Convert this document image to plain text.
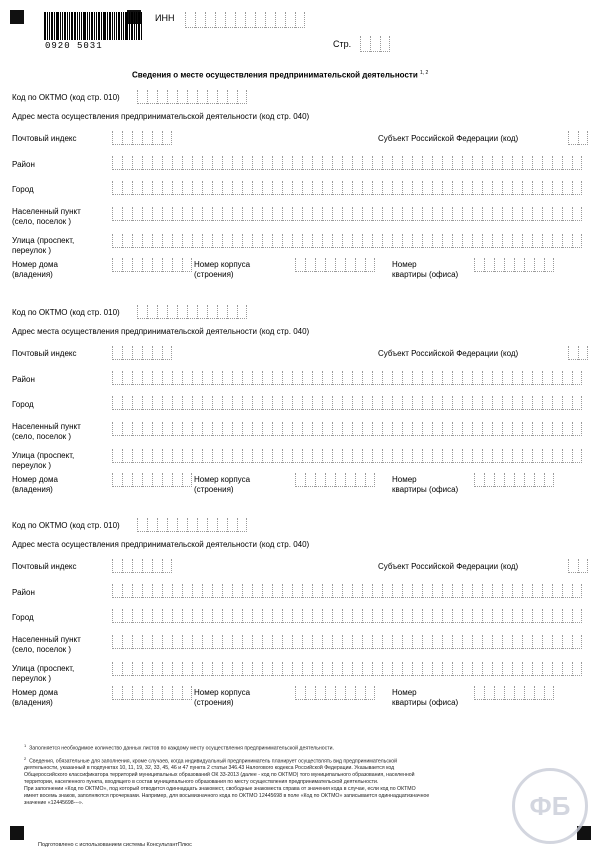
0920 5031
ИНН
Стр.
Сведения о месте осуществления предпринимательской деятельности $^{1, 2}$
Код по ОКТМО (код стр. 010)
Адрес места осуществления предпринимательской деятельности (код стр. 040)
Почтовый индекс	Субъект Российской Федерации (код)
Район
Город
Населенный пункт
(село, поселок )
Улица (проспект,
переулок )
Номер дома
(владения)
Номер корпуса
(строения)
Номер
квартиры (офиса)
Код по ОКТМО (код стр. 010)
Адрес места осуществления предпринимательской деятельности (код стр. 040)
Почтовый индекс	Субъект Российской Федерации (код)
Район
Город
Населенный пункт
(село, поселок )
Улица (проспект,
переулок )
Номер дома
(владения)
Номер корпуса
(строения)
Номер
квартиры (офиса)
Код по ОКТМО (код стр. 010)
Адрес места осуществления предпринимательской деятельности (код стр. 040)
Почтовый индекс	Субъект Российской Федерации (код)
Район
Город
Населенный пункт
(село, поселок )
Улица (проспект,
переулок )
Номер дома
(владения)
Номер корпуса
(строения)
Номер
квартиры (офиса)
$^1$  Заполняется необходимое количество данных листов по каждому месту осуществления предпринимательской деятельности.
$^2$  Сведения, обязательные для заполнения, кроме случаев, когда индивидуальный предприниматель планирует осуществлять вид предпринимательской
деятельности, указанный в подпунктах 10, 11, 19, 32, 33, 45, 46 и 47 пункта 2 статьи 346.43 Налогового кодекса Российской Федерации. Указывается код
Общероссийского классификатора территорий муниципальных образований ОК 33-2013 (далее - код по ОКТМО) того муниципального образования, населенной
территории, населенного пункта, входящего в состав муниципального образования по месту осуществления предпринимательской деятельности.
При заполнении «Код по ОКТМО», под который отводится одиннадцать знакомест, свободные знакоместа справа от значения кода в случае, если код по ОКТМО
имеет восемь знаков, заполняются прочерками. Например, для восьмизначного кода по ОКТМО 12445698 в поле «Код по ОКТМО» записывается одиннадцатизначное
значение «12445698---».
Подготовлено с использованием системы КонсультантПлюс
ФБ
